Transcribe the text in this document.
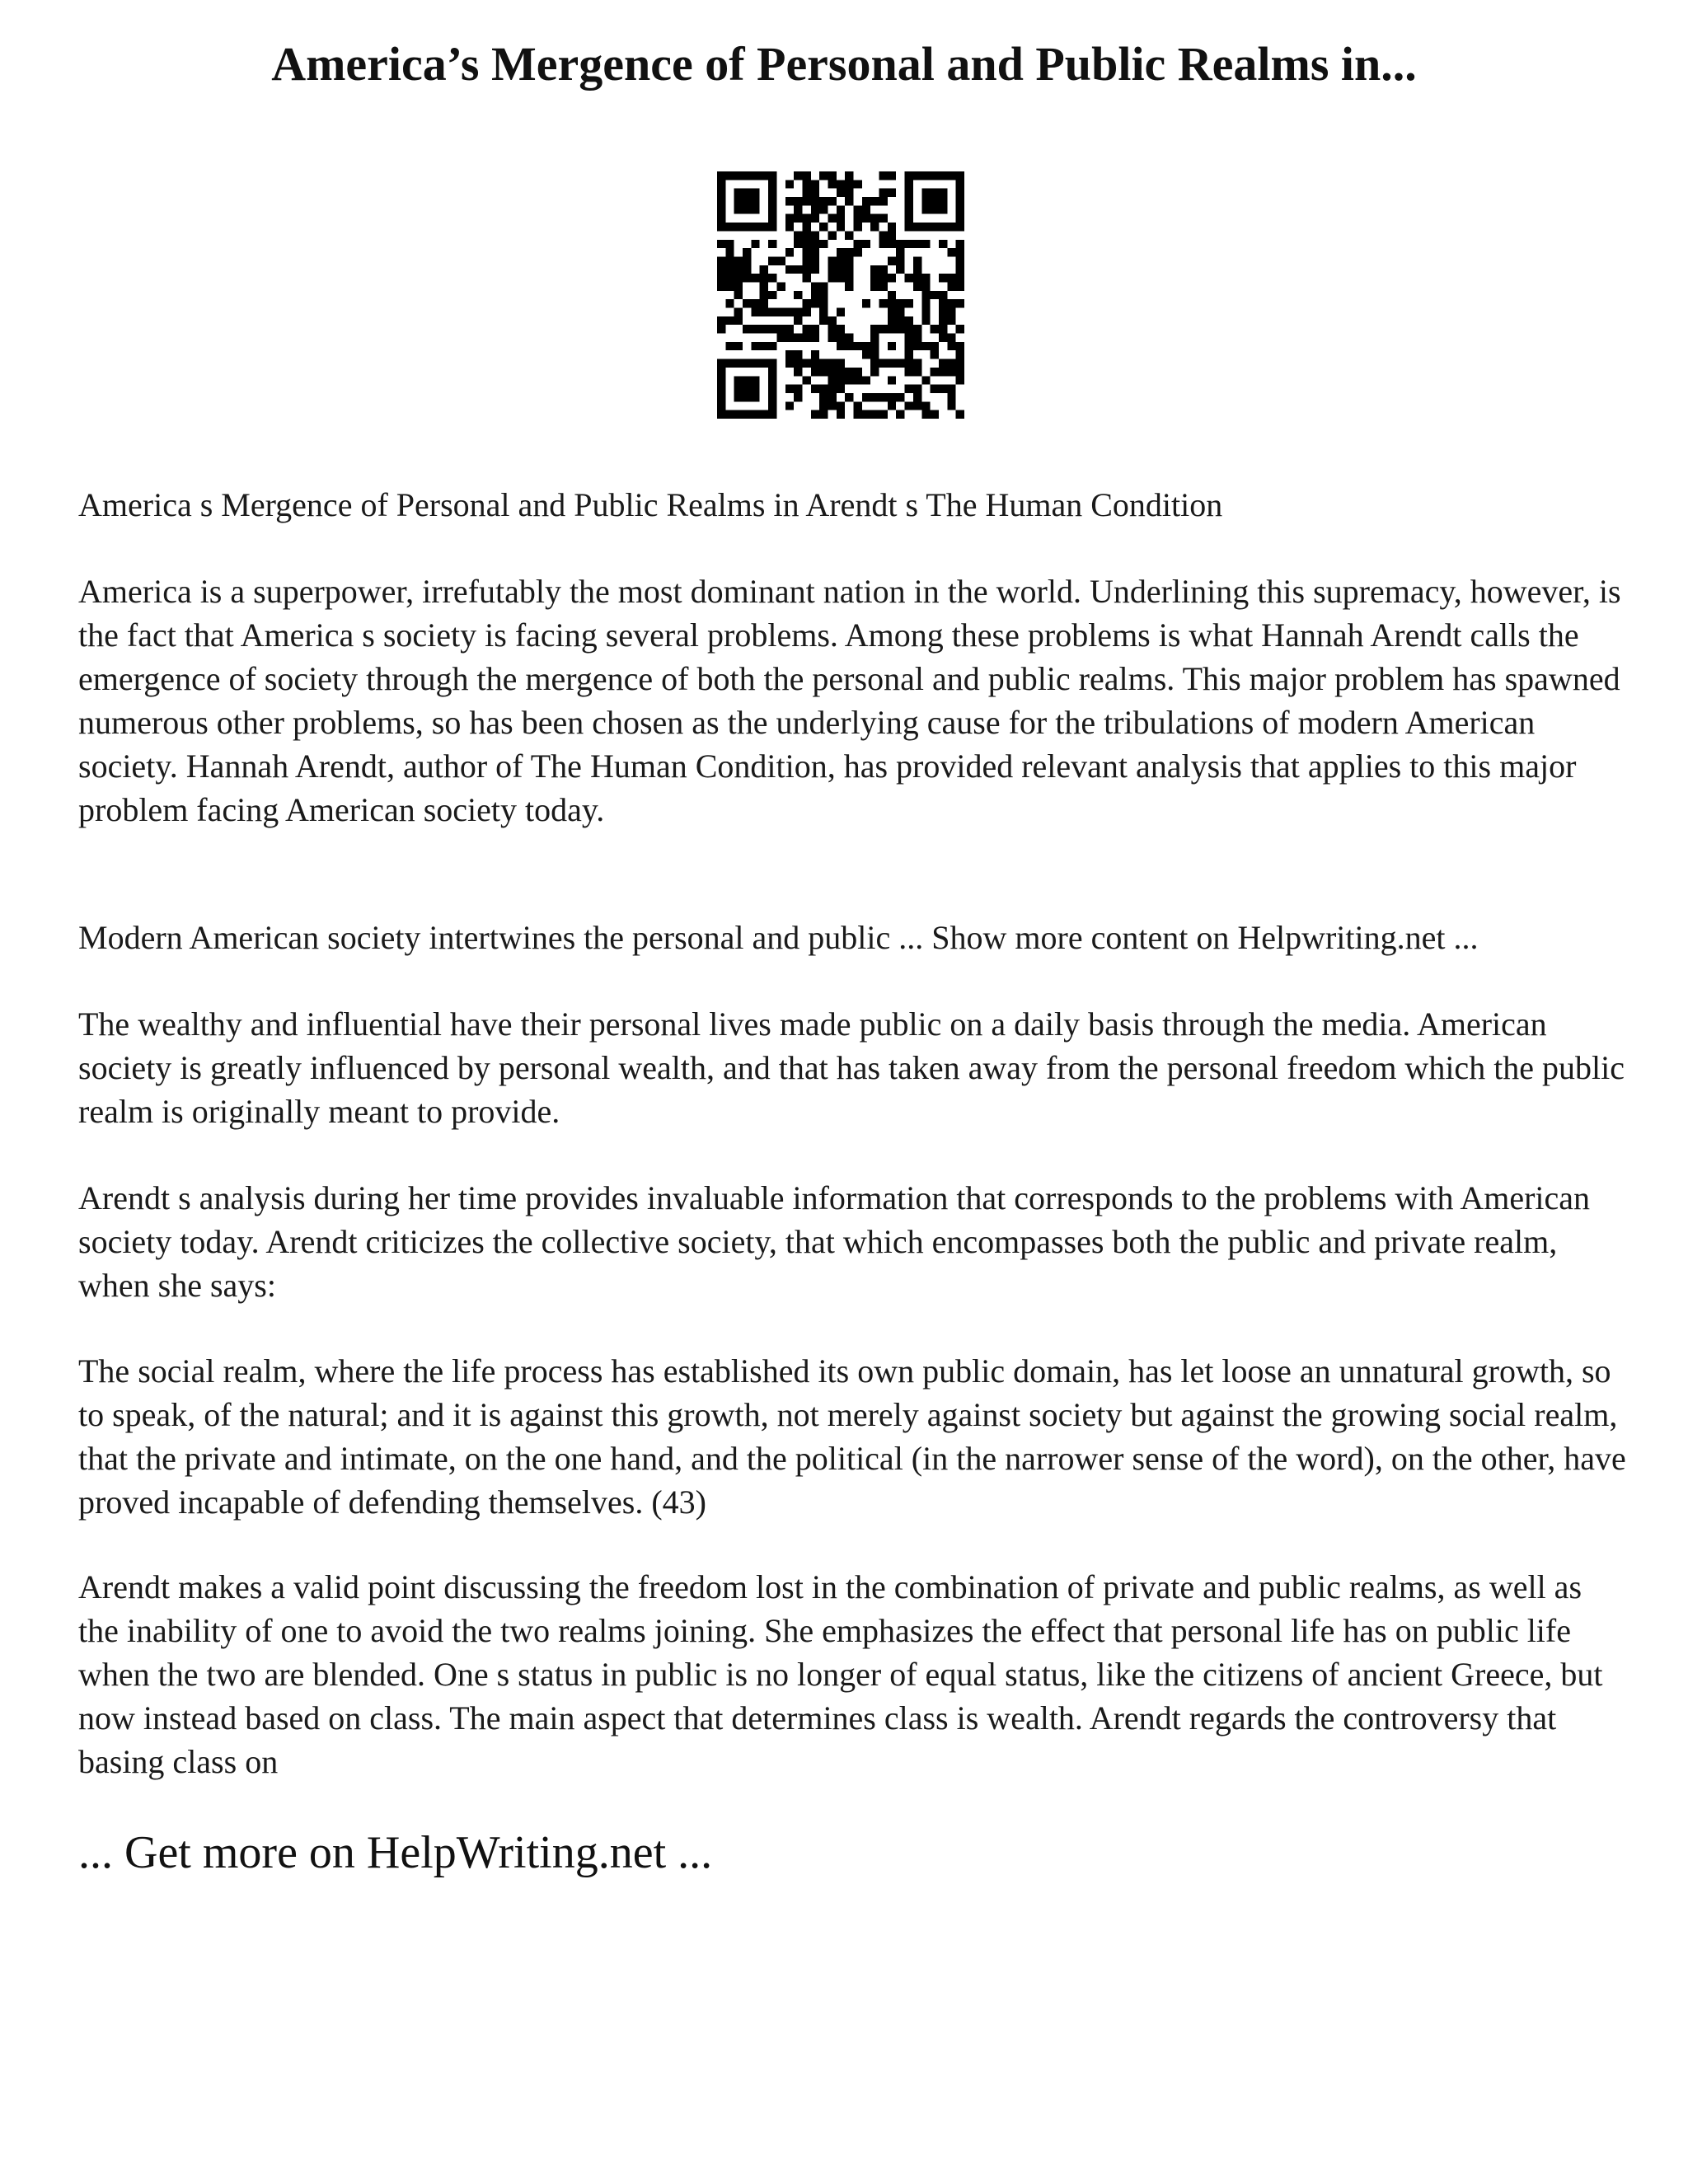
America’s Mergence of Personal and Public Realms in...

America s Mergence of Personal and Public Realms in Arendt s The Human Condition

America is a superpower, irrefutably the most dominant nation in the world. Underlining this supremacy, however, is the fact that America s society is facing several problems. Among these problems is what Hannah Arendt calls the emergence of society through the mergence of both the personal and public realms. This major problem has spawned numerous other problems, so has been chosen as the underlying cause for the tribulations of modern American society. Hannah Arendt, author of The Human Condition, has provided relevant analysis that applies to this major problem facing American society today.

Modern American society intertwines the personal and public ... Show more content on Helpwriting.net ...

The wealthy and influential have their personal lives made public on a daily basis through the media. American society is greatly influenced by personal wealth, and that has taken away from the personal freedom which the public realm is originally meant to provide.

Arendt s analysis during her time provides invaluable information that corresponds to the problems with American society today. Arendt criticizes the collective society, that which encompasses both the public and private realm, when she says:

The social realm, where the life process has established its own public domain, has let loose an unnatural growth, so to speak, of the natural; and it is against this growth, not merely against society but against the growing social realm, that the private and intimate, on the one hand, and the political (in the narrower sense of the word), on the other, have proved incapable of defending themselves. (43)

Arendt makes a valid point discussing the freedom lost in the combination of private and public realms, as well as the inability of one to avoid the two realms joining. She emphasizes the effect that personal life has on public life when the two are blended. One s status in public is no longer of equal status, like the citizens of ancient Greece, but now instead based on class. The main aspect that determines class is wealth. Arendt regards the controversy that basing class on

... Get more on HelpWriting.net ...
